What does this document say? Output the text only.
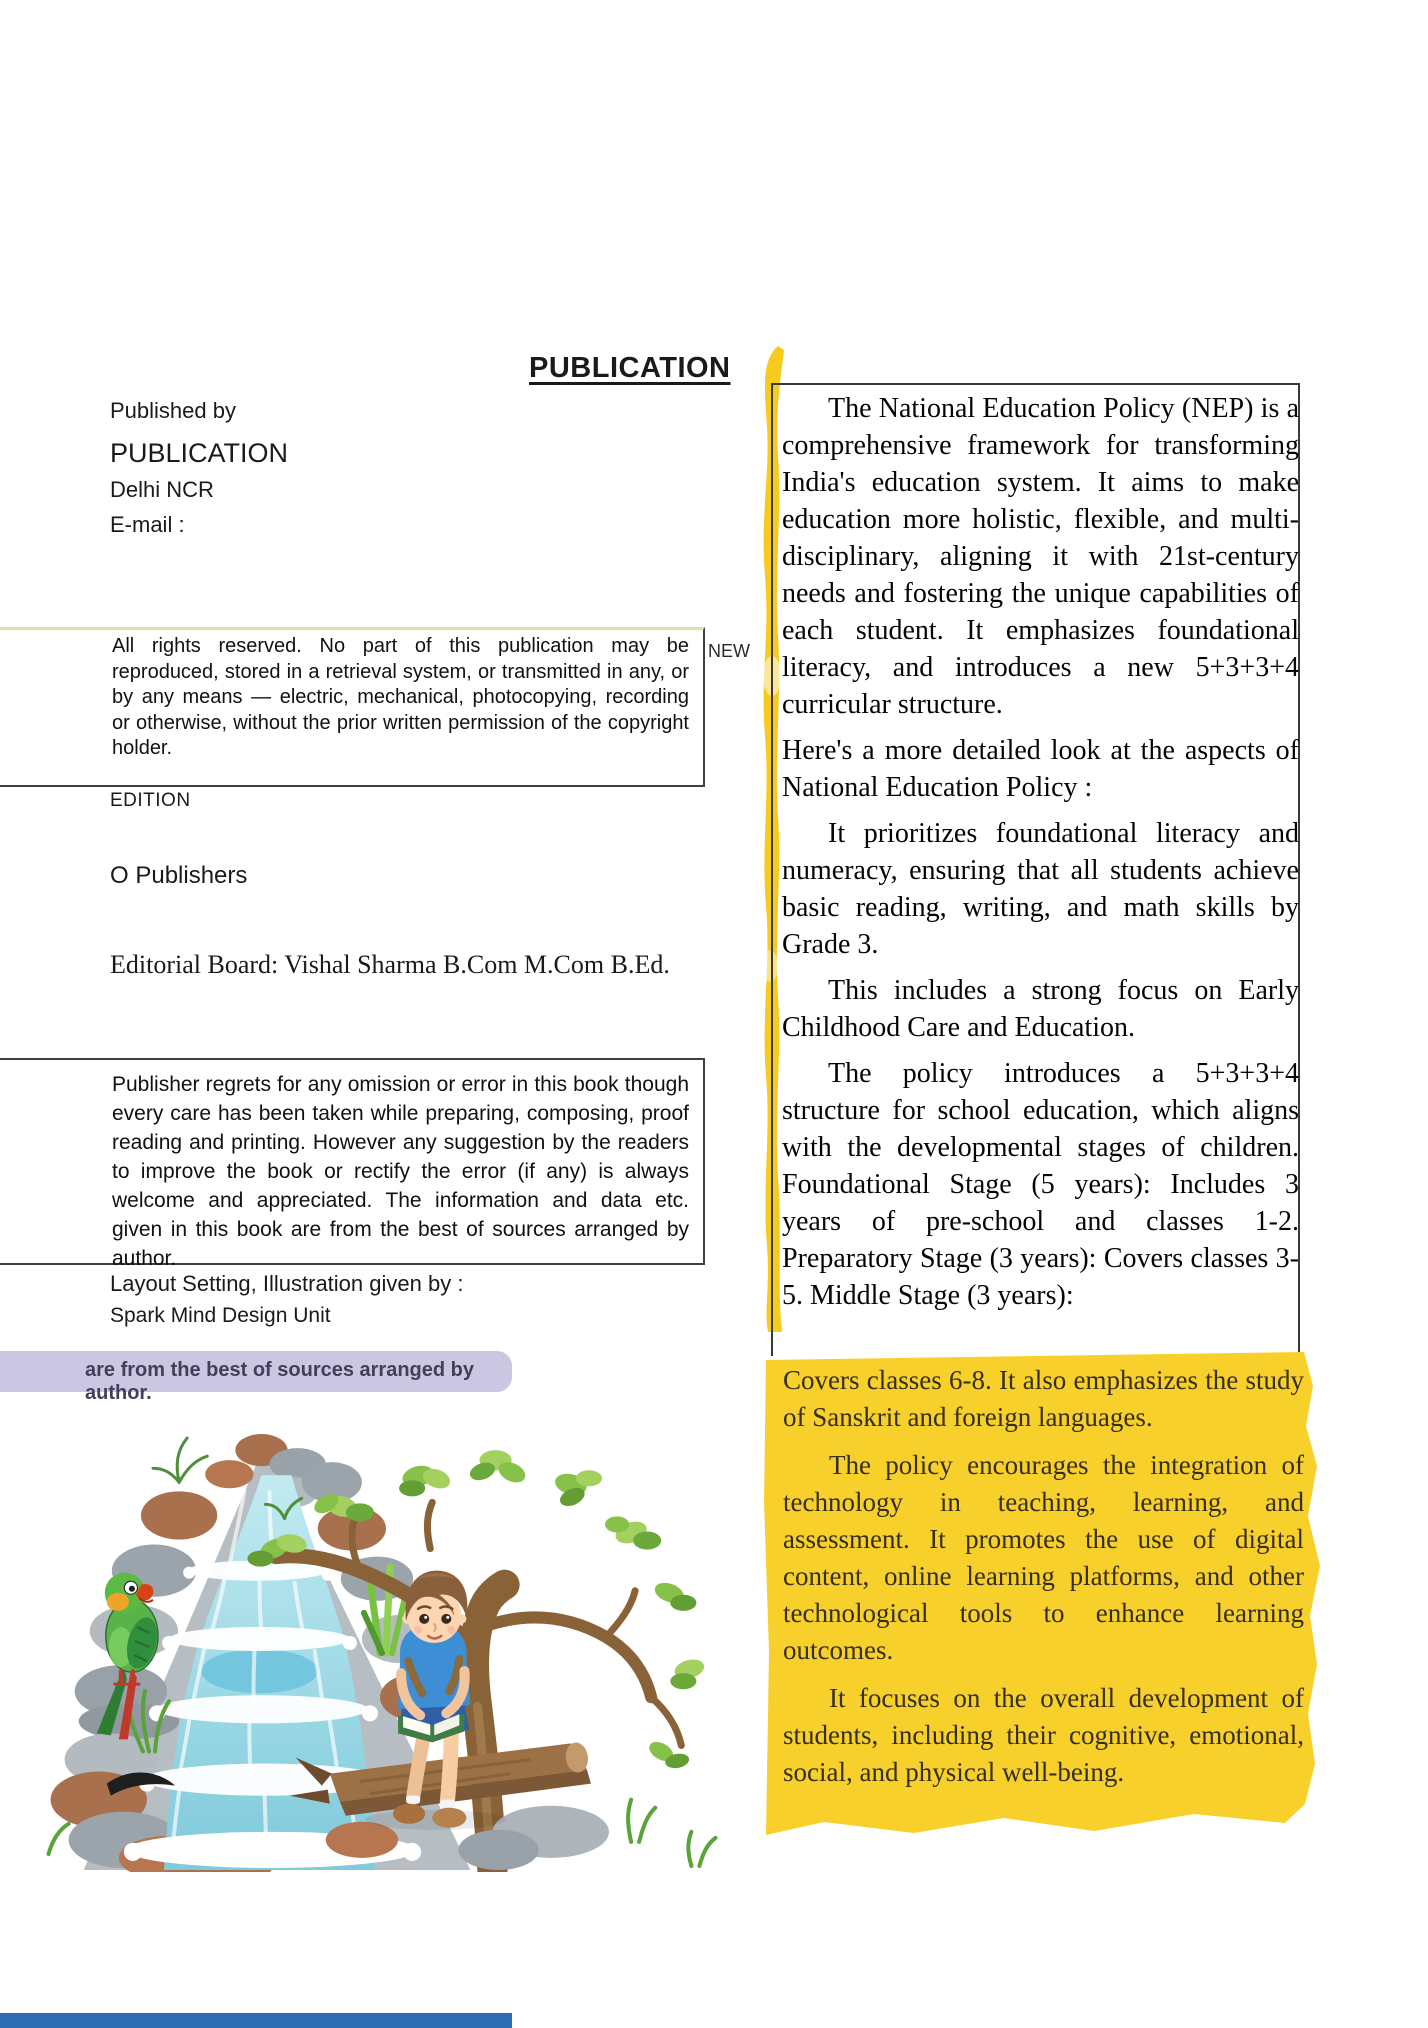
PUBLICATION

Published by

PUBLICATION

Delhi NCR

E-mail :

All rights reserved. No part of this publication may be reproduced, stored in a retrieval system, or transmitted in any, or by any means — electric, mechanical, photocopying, recording or otherwise, without the prior written permission of the copyright holder.

NEW

EDITION

O Publishers

Editorial Board: Vishal Sharma B.Com M.Com B.Ed.

Publisher regrets for any omission or error in this book though every care has been taken while preparing, composing, proof reading and printing. However any suggestion by the readers to improve the book or rectify the error (if any) is always welcome and appreciated. The information and data etc. given in this book are from the best of sources arranged by author.

Layout Setting, Illustration given by :

Spark Mind Design Unit

are from the best of sources arranged by author.

The National Education Policy (NEP) is a comprehensive framework for transforming India's education system. It aims to make education more holistic, flexible, and multi-disciplinary, aligning it with 21st-century needs and fostering the unique capabilities of each student. It emphasizes foundational literacy, and introduces a new 5+3+3+4 curricular structure.

Here's a more detailed look at the aspects of National Education Policy :

It prioritizes foundational literacy and numeracy, ensuring that all students achieve basic reading, writing, and math skills by Grade 3.

This includes a strong focus on Early Childhood Care and Education.

The policy introduces a 5+3+3+4 structure for school education, which aligns with the developmental stages of children. Foundational Stage (5 years): Includes 3 years of pre-school and classes 1-2. Preparatory Stage (3 years): Covers classes 3-5. Middle Stage (3 years):

Covers classes 6-8. It also emphasizes the study of Sanskrit and foreign languages.

The policy encourages the integration of technology in teaching, learning, and assessment. It promotes the use of digital content, online learning platforms, and other technological tools to enhance learning outcomes.

It focuses on the overall development of students, including their cognitive, emotional, social, and physical well-being.
